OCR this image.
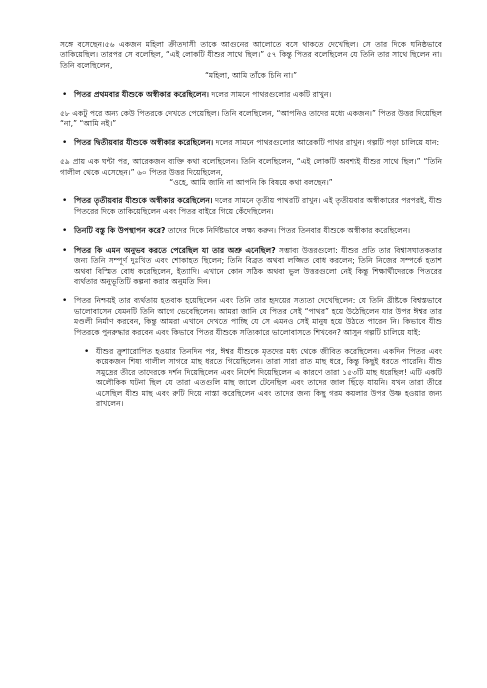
সঙ্গে বসেছেন।৫৬ একজন মহিলা ক্রীতদাসী তাকে আগুনের আলোতে বসে থাকতে দেখেছিল। সে তার দিকে ঘনিষ্ঠভাবে তাকিয়েছিল। তারপর সে বলেছিল, “এই লোকটি যীশুর সাথে ছিল।” ৫৭ কিন্তু পিতর বলেছিলেন যে তিনি তার সাথে ছিলেন না। তিনি বলেছিলেন,

“মহিলা, আমি তাঁকে চিনি না।”

• পিতর প্রথমবার যীশুকে অস্বীকার করেছিলেন। দলের সামনে পাথরগুলোর একটি রাখুন।

৫৮ একটু পরে অন্য কেউ পিতরকে দেখতে পেয়েছিল। তিনি বলেছিলেন, “আপনিও তাদের মধ্যে একজন।” পিতর উত্তর দিয়েছিল “না,” “আমি নই।”

• পিতর দ্বিতীয়বার যীশুকে অস্বীকার করেছিলেন। দলের সামনে পাথরগুলোর আরেকটি পাথর রাখুন। গল্পটি পড়া চালিয়ে যান:

৫৯ প্রায় এক ঘন্টা পর, আরেকজন ব্যক্তি কথা বলেছিলেন। তিনি বলেছিলেন, “এই লোকটি অবশ্যই যীশুর সাথে ছিল।” “তিনি গালীল থেকে এসেছেন।” ৬০ পিতর উত্তর দিয়েছিলেন,

“ওহে, আমি জানি না আপনি কি বিষয়ে কথা বলছেন।”

• পিতর তৃতীয়বার যীশুকে অস্বীকার করেছিলেন। দলের সামনে তৃতীয় পাথরটি রাখুন। এই তৃতীয়বার অস্বীকারের পরপরই, যীশু পিতরের দিকে তাকিয়েছিলেন এবং পিতর বাইরে গিয়ে কেঁদেছিলেন।
• তিনটি বস্তু কি উপস্থাপন করে? তাদের দিকে নির্দিষ্টভাবে লক্ষ্য করুন। পিতর তিনবার যীশুকে অস্বীকার করেছিলেন।
• পিতর কি এমন অনুভব করতে পেরেছিল যা তার অশ্রু এনেছিল? সম্ভাব্য উত্তরগুলো: যীশুর প্রতি তার বিশ্বাসঘাতকতার জন্য তিনি সম্পূর্ণ দুঃখিত এবং শোকাহত ছিলেন; তিনি বিব্রত অথবা লজ্জিত বোধ করলেন; তিনি নিজের সম্পর্কে হতাশ অথবা বিস্মিত বোধ করেছিলেন, ইত্যাদি। এখানে কোন সঠিক অথবা ভুল উত্তরগুলো নেই কিন্তু শিক্ষার্থীদেরকে পিতরের ব্যর্থতার অনুভূতিটি কল্পনা করার অনুমতি দিন।
• পিতর নিশ্চয়ই তার ব্যর্থতায় হতবাক হয়েছিলেন এবং তিনি তার হৃদয়ের সত্যতা দেখেছিলেন: যে তিনি খ্রীষ্টকে বিশ্বস্তভাবে ভালোবাসেন যেমনটি তিনি আগে ভেবেছিলেন। আমরা জানি যে পিতর সেই “পাথর” হয়ে উঠেছিলেন যার উপর ঈশ্বর তার মণ্ডলী নির্মাণ করবেন, কিন্তু আমরা এখানে দেখতে পাচ্ছি যে সে এমনও সেই মানুষ হয়ে উঠতে পারেন নি। কিভাবে যীশু পিতরকে পুনরুদ্ধার করবেন এবং কিভাবে পিতর যীশুকে সত্যিকারে ভালোবাসতে শিখবেন? আসুন গল্পটি চালিয়ে যাই:
• যীশুর ক্রুশারোপিত হওয়ার তিনদিন পর, ঈশ্বর যীশুকে মৃতদের মধ্য থেকে জীবিত করেছিলেন। একদিন পিতর এবং কয়েকজন শিষ্য গালীল সাগরে মাছ ধরতে গিয়েছিলেন। তারা সারা রাত মাছ ধরে, কিন্তু কিছুই ধরতে পারেনি। যীশু সমুদ্রের তীরে তাদেরকে দর্শন দিয়েছিলেন এবং নির্দেশ দিয়েছিলেন এ কারণে তারা ১৫৩টি মাছ ধরেছিল! এটি একটি অলৌকিক ঘটনা ছিল যে তারা এতগুলি মাছ জালে টেনেছিল এবং তাদের জাল ছিঁড়ে যায়নি। যখন তারা তীরে এসেছিল যীশু মাছ এবং রুটি দিয়ে নাস্তা করেছিলেন এবং তাদের জন্য কিছু গরম কয়লার উপর উষ্ণ হওয়ার জন্য রাখলেন।
